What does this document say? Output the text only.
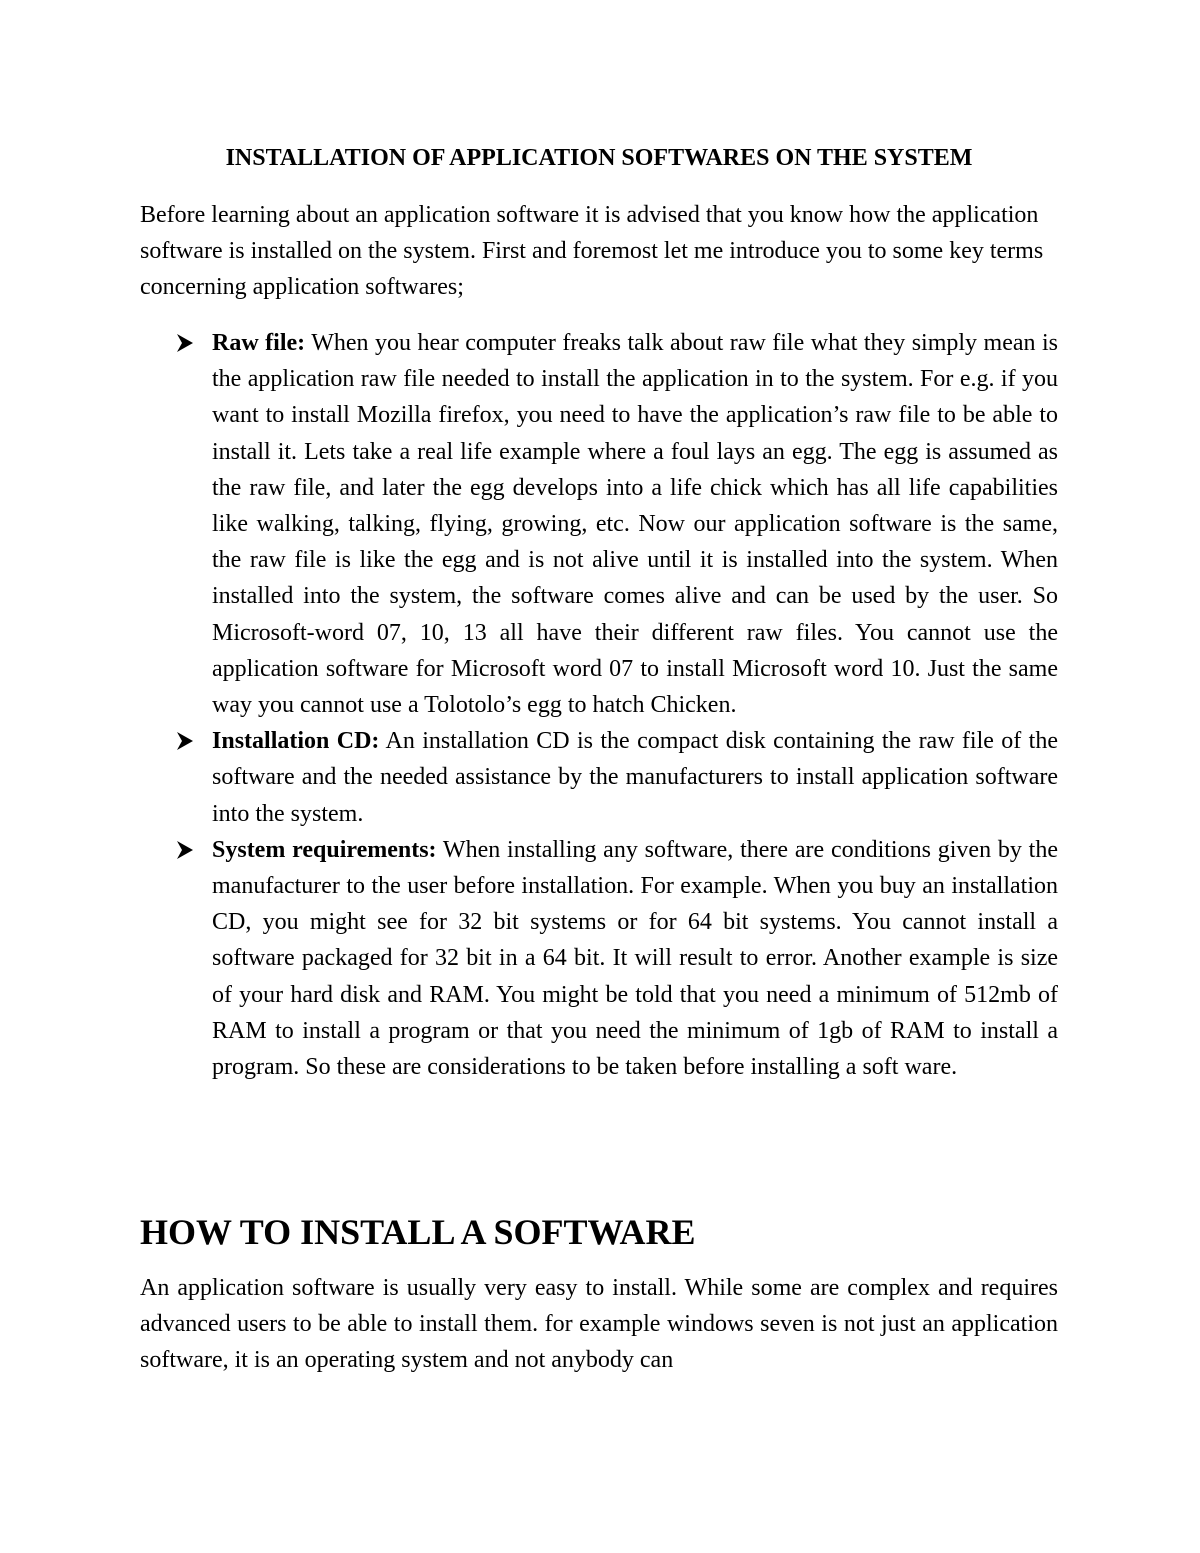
INSTALLATION OF APPLICATION SOFTWARES ON THE SYSTEM

Before learning about an application software it is advised that you know how the application software is installed on the system. First and foremost let me introduce you to some key terms concerning application softwares;

Raw file: When you hear computer freaks talk about raw file what they simply mean is the application raw file needed to install the application in to the system. For e.g. if you want to install Mozilla firefox, you need to have the application’s raw file to be able to install it. Lets take a real life example where a foul lays an egg. The egg is assumed as the raw file, and later the egg develops into a life chick which has all life capabilities like walking, talking, flying, growing, etc. Now our application software is the same, the raw file is like the egg and is not alive until it is installed into the system. When installed into the system, the software comes alive and can be used by the user. So Microsoft-word 07, 10, 13 all have their different raw files. You cannot use the application software for Microsoft word 07 to install Microsoft word 10. Just the same way you cannot use a Tolotolo’s egg to hatch Chicken.
Installation CD: An installation CD is the compact disk containing the raw file of the software and the needed assistance by the manufacturers to install application software into the system.
System requirements: When installing any software, there are conditions given by the manufacturer to the user before installation. For example. When you buy an installation CD, you might see for 32 bit systems or for 64 bit systems. You cannot install a software packaged for 32 bit in a 64 bit. It will result to error. Another example is size of your hard disk and RAM. You might be told that you need a minimum of 512mb of RAM to install a program or that you need the minimum of 1gb of RAM to install a program. So these are considerations to be taken before installing a soft ware.
HOW TO INSTALL A SOFTWARE

An application software is usually very easy to install. While some are complex and requires advanced users to be able to install them. for example windows seven is not just an application software, it is an operating system and not anybody can
